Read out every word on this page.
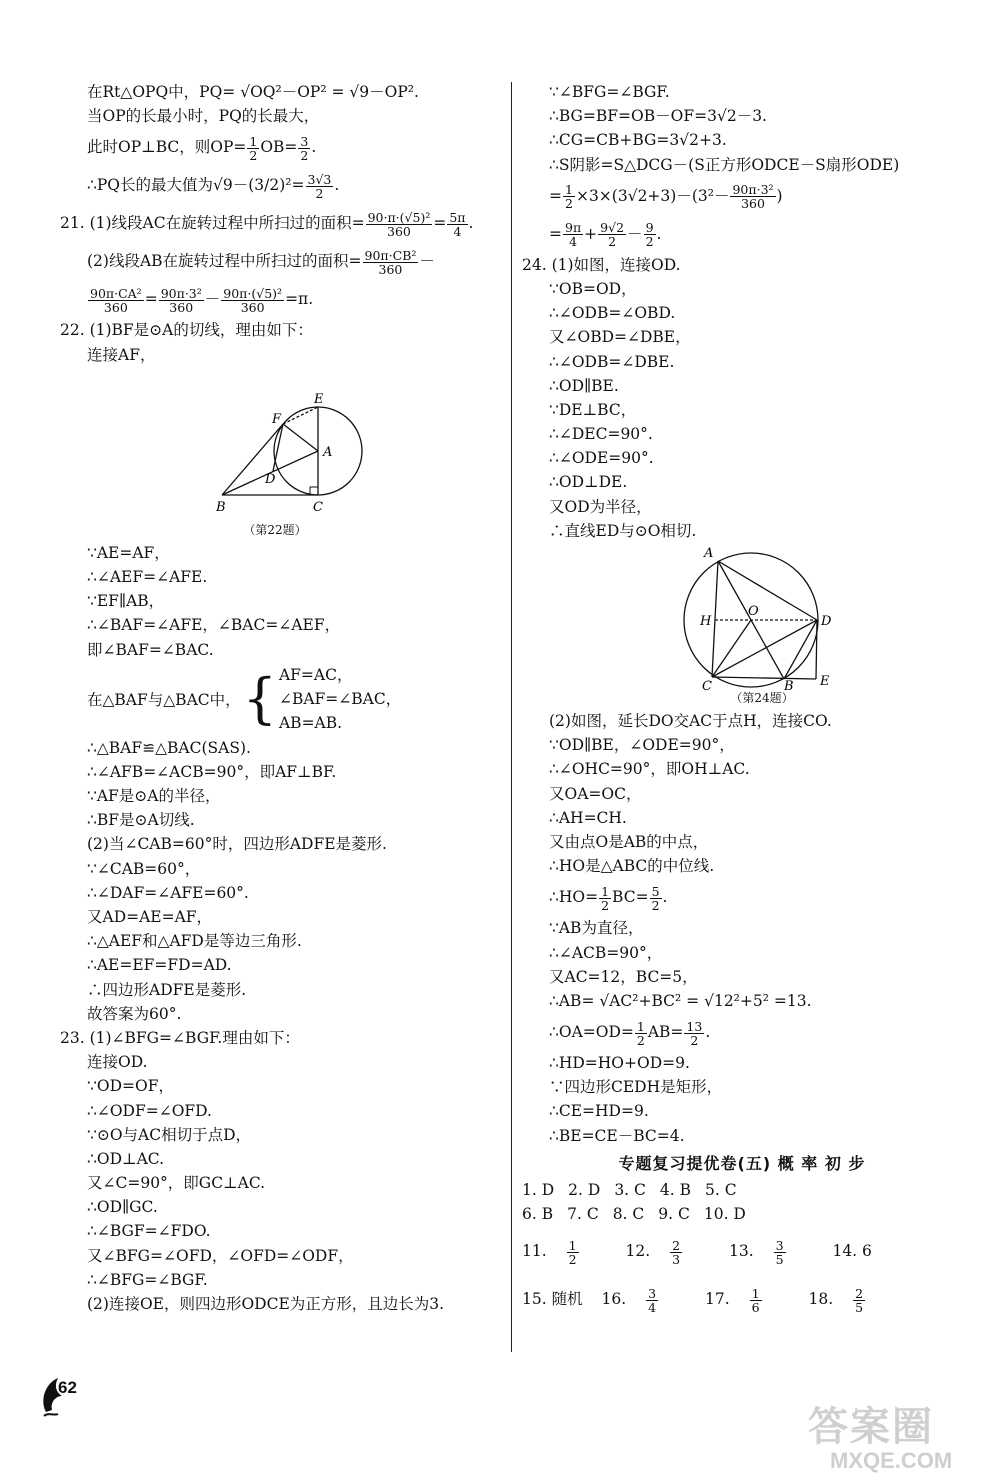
在Rt△OPQ中，PQ= √OQ²－OP² = √9－OP².
当OP的长最小时，PQ的长最大，
此时OP⊥BC，则$OP= \frac{1}{2} OB= \frac{3}{2}$ .
∴PQ长的最大值为$√9-(3/2)^2= \frac{3√3}{2}$ .
21. (1)线段AC在旋转过程中所扫过的面积= $\frac{\text{90·π·(√5)²}}{360} = \frac{5\pi}{4}$ .
(2)线段AB在旋转过程中所扫过的面积= $\frac{\text{90π·CB²}}{360}$ －
$\frac{\text{90π·CA²}}{360} = \frac{\text{90π·3²}}{360} - \frac{\text{90π·(√5)²}}{360} =\pi$.
22. (1)BF是⊙A的切线，理由如下：
连接AF，
E
F
A
D
B	C
（第22题）
∵AE=AF，
∴∠AEF=∠AFE.
∵EF∥AB，
∴∠BAF=∠AFE，∠BAC=∠AEF，
即∠BAF=∠BAC.
在△BAF与△BAC中， { AF=AC，
∠BAF=∠BAC，
AB=AB.
∴△BAF≌△BAC(SAS).
∴∠AFB=∠ACB=90°，即AF⊥BF.
∵AF是⊙A的半径，
∴BF是⊙A切线.
(2)当∠CAB=60°时，四边形ADFE是菱形.
∵∠CAB=60°，
∴∠DAF=∠AFE=60°.
又AD=AE=AF，
∴△AEF和△AFD是等边三角形.
∴AE=EF=FD=AD.
∴四边形ADFE是菱形.
故答案为60°.
23. (1)∠BFG=∠BGF.理由如下：
连接OD.
∵OD=OF，
∴∠ODF=∠OFD.
∵⊙O与AC相切于点D，
∴OD⊥AC.
又∠C=90°，即GC⊥AC.
∴OD∥GC.
∴∠BGF=∠FDO.
又∠BFG=∠OFD，∠OFD=∠ODF，
∴∠BFG=∠BGF.
(2)连接OE，则四边形ODCE为正方形，且边长为3.
∵∠BFG=∠BGF.
∴BG=BF=OB－OF=3√2－3.
∴CG=CB+BG=3√2+3.
∴S阴影=S△DCG－(S正方形ODCE－S扇形ODE)
= $\frac{1}{2} \times 3\times(3√2+3)-(3^2- \frac{\text{90π·3²}}{360}$ )
= $\frac{9\pi}{4} + \frac{9√2}{2} - \frac{9}{2}$ .
24. (1)如图，连接OD.
∵OB=OD，
∴∠ODB=∠OBD.
又∠OBD=∠DBE，
∴∠ODB=∠DBE.
∴OD∥BE.
∵DE⊥BC，
∴∠DEC=90°.
∴∠ODE=90°.
∴OD⊥DE.
又OD为半径，
∴直线ED与⊙O相切.
A
O
H	D
C	B E
（第24题）
(2)如图，延长DO交AC于点H，连接CO.
∵OD∥BE，∠ODE=90°，
∴∠OHC=90°，即OH⊥AC.
又OA=OC，
∴AH=CH.
又由点O是AB的中点，
∴HO是△ABC的中位线.
∴HO= $\frac{1}{2} BC= \frac{5}{2}$ .
∵AB为直径，
∴∠ACB=90°，
又AC=12，BC=5，
∴AB= √AC²+BC² = √12²+5² =13.
∴OA=OD= $\frac{1}{2} AB= \frac{13}{2}$ .
∴HD=HO+OD=9.
∵四边形CEDH是矩形，
∴CE=HD=9.
∴BE=CE－BC=4.
专题复习提优卷(五) 概 率 初 步
1. D 2. D 3. C 4. B 5. C
6. B 7. C 8. C 9. C 10. D
11. $\frac{1}{2} 12$. $\frac{2}{3} 13$. $\frac{3}{5} 14$. 6
15. 随机 16. $\frac{3}{4} 17$. $\frac{1}{6} 18$. $\frac{2}{5}$
62
答案圈
MXQE.COM
